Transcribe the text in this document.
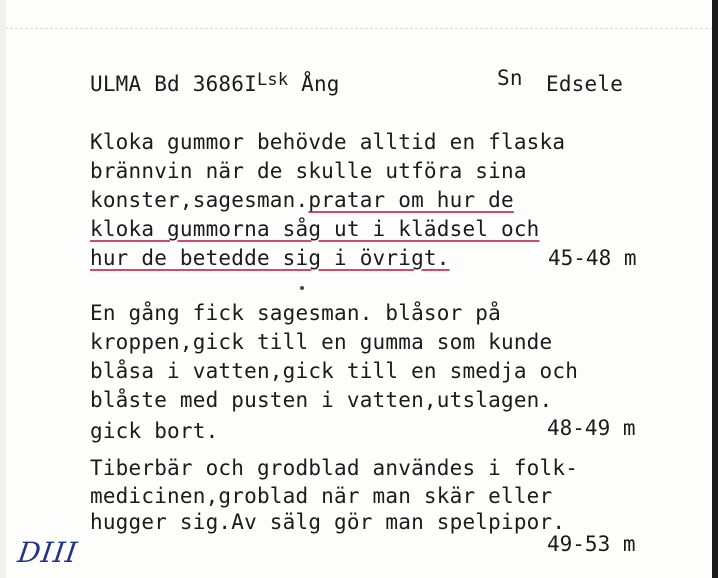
ULMA Bd $3686I^{Lsk}$ Ång	Sn Edsele
Kloka gummor behövde alltid en flaska
brännvin när de skulle utföra sina
konster,sagesman.pratar om hur de
kloka gummorna såg ut i klädsel och
hur de betedde sig i övrigt.	45-48 m
En gång fick sagesman. blåsor på
kroppen,gick till en gumma som kunde
blåsa i vatten,gick till en smedja och
blåste med pusten i vatten,utslagen.
gick bort.	48-49 m
Tiberbär och grodblad användes i folk-
medicinen,groblad när man skär eller
hugger sig.Av sälg gör man spelpipor.
49-53 m
DIII
